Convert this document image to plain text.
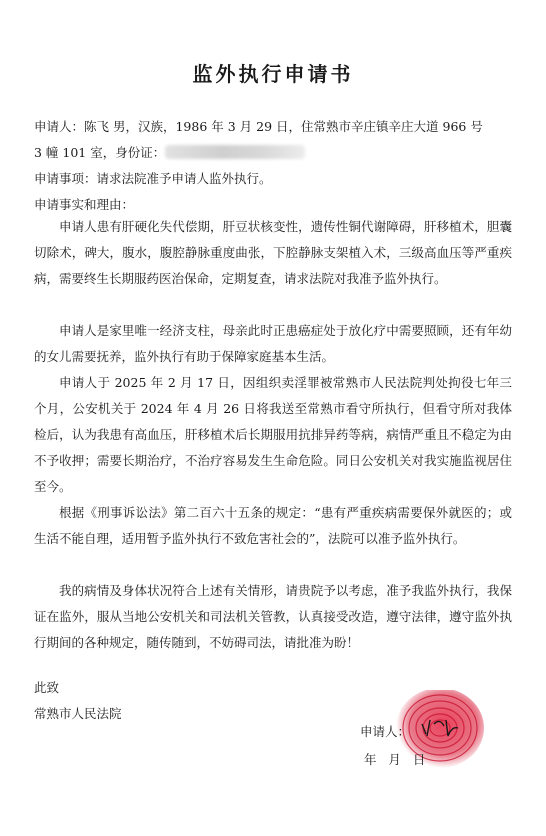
监外执行申请书
申请人：陈飞 男，汉族，1986 年 3 月 29 日，住常熟市辛庄镇辛庄大道 966 号
3 幢 101 室，身份证：
申请事项：请求法院准予申请人监外执行。
申请事实和理由：
申请人患有肝硬化失代偿期，肝豆状核变性，遗传性铜代谢障碍，肝移植术，胆囊切除术，碑大，腹水，腹腔静脉重度曲张，下腔静脉支架植入术，三级高血压等严重疾病，需要终生长期服药医治保命，定期复查，请求法院对我准予监外执行。
申请人是家里唯一经济支柱，母亲此时正患癌症处于放化疗中需要照顾，还有年幼的女儿需要抚养，监外执行有助于保障家庭基本生活。
申请人于 2025 年 2 月 17 日，因组织卖淫罪被常熟市人民法院判处拘役七年三个月，公安机关于 2024 年 4 月 26 日将我送至常熟市看守所执行，但看守所对我体检后，认为我患有高血压，肝移植术后长期服用抗排异药等病，病情严重且不稳定为由不予收押；需要长期治疗，不治疗容易发生生命危险。同日公安机关对我实施监视居住至今。
根据《刑事诉讼法》第二百六十五条的规定：“患有严重疾病需要保外就医的；或生活不能自理，适用暂予监外执行不致危害社会的”，法院可以准予监外执行。
我的病情及身体状况符合上述有关情形，请贵院予以考虑，准予我监外执行，我保证在监外，服从当地公安机关和司法机关管教，认真接受改造，遵守法律，遵守监外执行期间的各种规定，随传随到，不妨碍司法，请批准为盼！
此致
常熟市人民法院
申请人：
年   月   日
